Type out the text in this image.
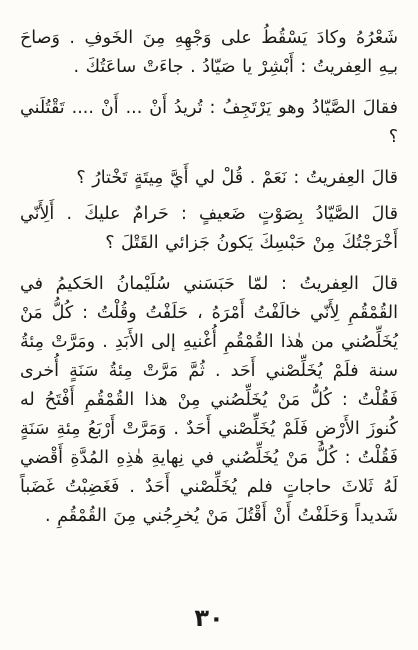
شَعْرُهُ وكادَ يَسْقُطُ على وَجْهِهِ مِنَ الخَوفِ . وَصاحَ بـِهِ العِفريتُ : أَبْشِرْ يا صَيّادُ . جاءَتْ ساعَتُكَ .

فقالَ الصَّيّادُ وهو يَرْتَجِفُ : تُريدُ أَنْ ... أَنْ .... تَقْتُلَني ؟

قالَ العِفريتُ : نَعَمْ . قُلْ لي أَيَّ مِيتَةٍ تَخْتارُ ؟

قالَ الصَّيّادُ بِصَوْتٍ ضَعيفٍ : حَرامٌ عليكَ . أَلِأَنّي أَخْرَجْتُكَ مِنْ حَبْسِكَ يَكونُ جَزائي القَتْلَ ؟

قالَ العِفريتُ : لمّا حَبَسَني سُلَيْمانُ الحَكيمُ في القُمْقُمِ لِأَنّي خالَفْتُ أَمْرَهُ ، حَلَفْتُ وقُلْتُ : كُلُّ مَنْ يُخَلِّصُني من هٰذا القُمْقُمِ أُغْنيهِ إلى الأَبَدِ . ومَرَّتْ مِئةُ سنة فلَمْ يُخَلِّصْني أَحَد . ثُمَّ مَرَّتْ مِئةُ سَنَةٍ أُخرى فَقُلْتُ : كُلُّ مَنْ يُخَلِّصُني مِنْ هذا القُمْقُمِ أَفْتَحُ له كُنوزَ الأَرْضِ فَلَمْ يُخَلِّصْني أَحَدٌ . وَمَرَّتْ أَرْبَعُ مِئةِ سَنَةٍ فَقُلْتُ : كُلُّ مَنْ يُخَلِّصُني في نِهايةِ هٰذِهِ المُدَّةِ أَقْضي لَهُ ثَلاثَ حاجاتٍ فلم يُخَلِّصْني أَحَدٌ . فَغَضِبْتُ غَضَباً شَديداً وَحَلَفْتُ أَنْ أَقْتُلَ مَنْ يُخرِجُني مِنَ القُمْقُمِ .

٣٠
